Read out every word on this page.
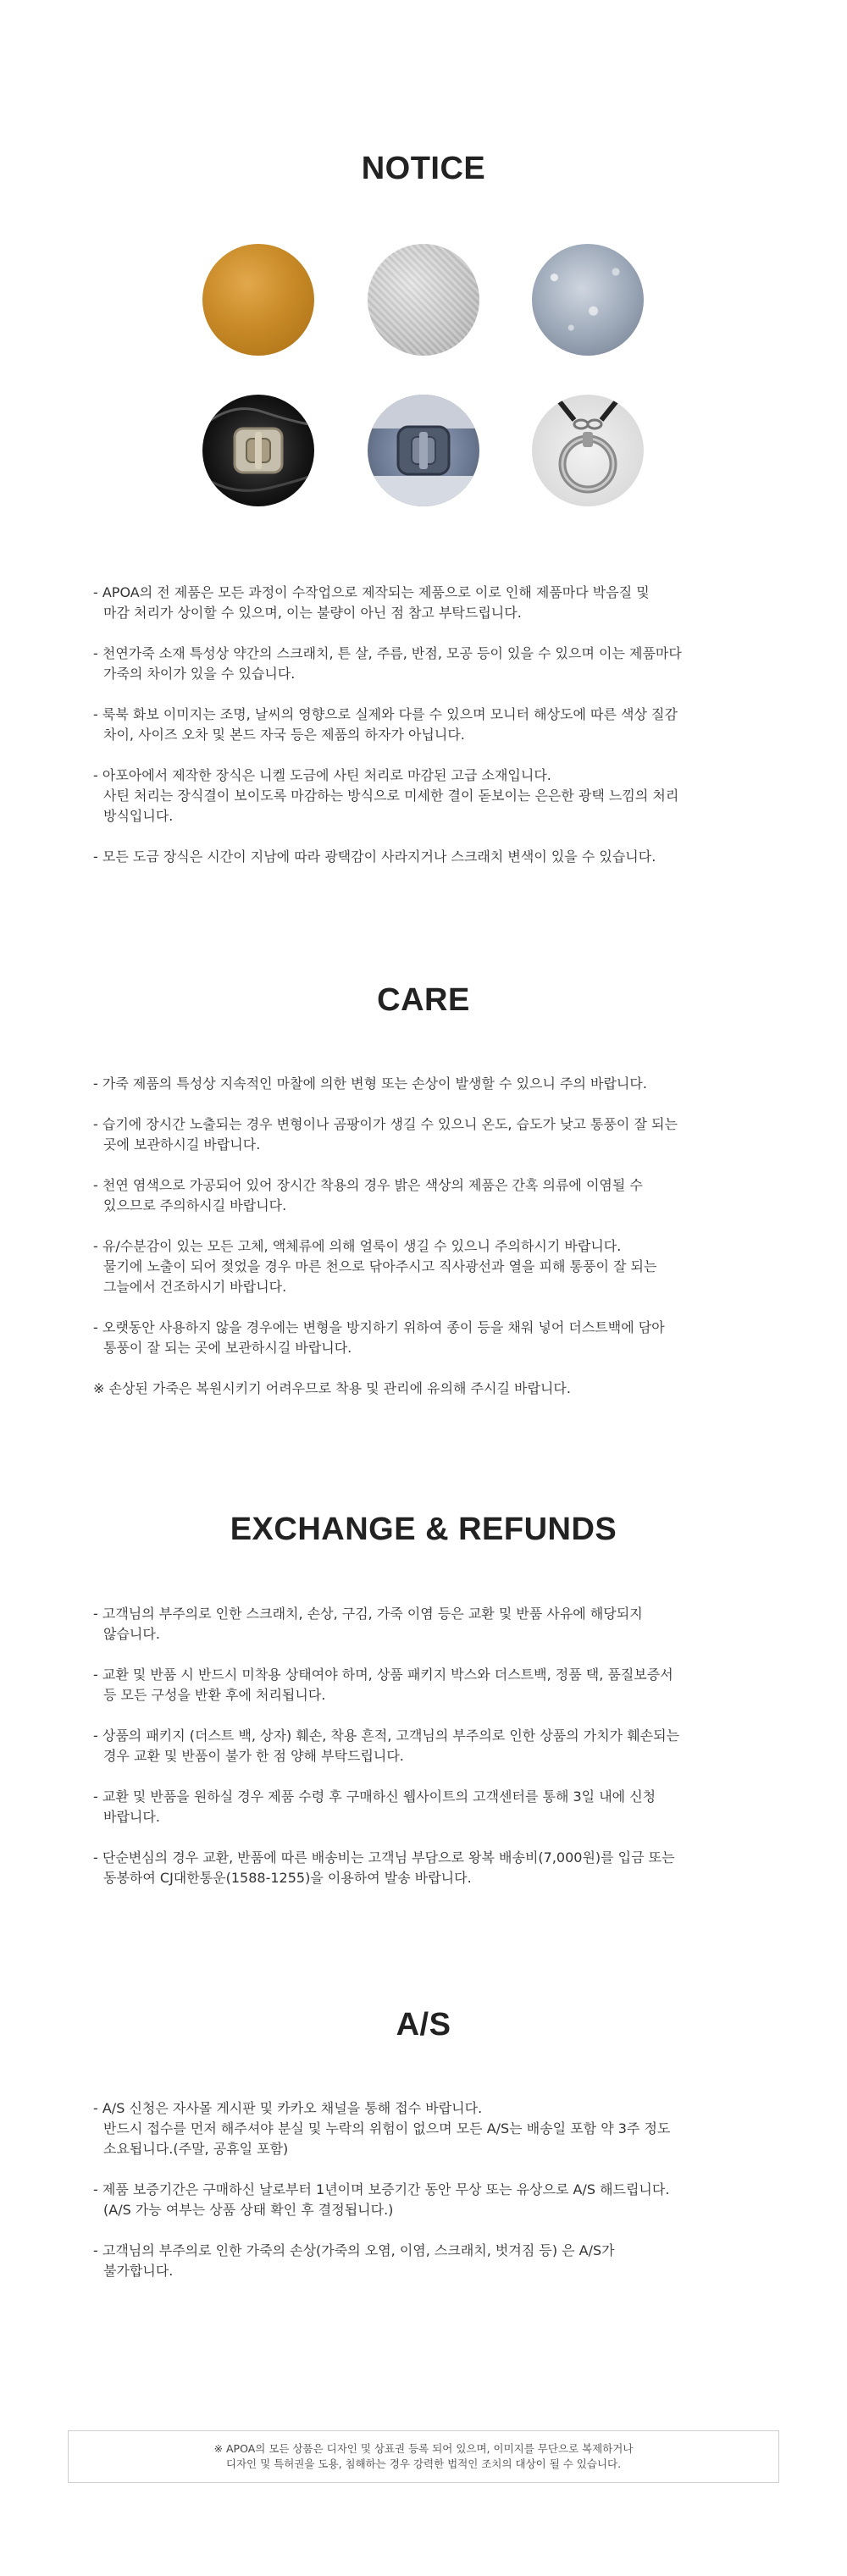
NOTICE

- APOA의 전 제품은 모든 과정이 수작업으로 제작되는 제품으로 이로 인해 제품마다 박음질 및
마감 처리가 상이할 수 있으며, 이는 불량이 아닌 점 참고 부탁드립니다.

- 천연가죽 소재 특성상 약간의 스크래치, 튼 살, 주름, 반점, 모공 등이 있을 수 있으며 이는 제품마다
가죽의 차이가 있을 수 있습니다.

- 룩북 화보 이미지는 조명, 날씨의 영향으로 실제와 다를 수 있으며 모니터 해상도에 따른 색상 질감
차이, 사이즈 오차 및 본드 자국 등은 제품의 하자가 아닙니다.

- 아포아에서 제작한 장식은 니켈 도금에 사틴 처리로 마감된 고급 소재입니다.
사틴 처리는 장식결이 보이도록 마감하는 방식으로 미세한 결이 돋보이는 은은한 광택 느낌의 처리
방식입니다.

- 모든 도금 장식은 시간이 지남에 따라 광택감이 사라지거나 스크래치 변색이 있을 수 있습니다.

CARE

- 가죽 제품의 특성상 지속적인 마찰에 의한 변형 또는 손상이 발생할 수 있으니 주의 바랍니다.

- 습기에 장시간 노출되는 경우 변형이나 곰팡이가 생길 수 있으니 온도, 습도가 낮고 통풍이 잘 되는
곳에 보관하시길 바랍니다.

- 천연 염색으로 가공되어 있어 장시간 착용의 경우 밝은 색상의 제품은 간혹 의류에 이염될 수
있으므로 주의하시길 바랍니다.

- 유/수분감이 있는 모든 고체, 액체류에 의해 얼룩이 생길 수 있으니 주의하시기 바랍니다.
물기에 노출이 되어 젖었을 경우 마른 천으로 닦아주시고 직사광선과 열을 피해 통풍이 잘 되는
그늘에서 건조하시기 바랍니다.

- 오랫동안 사용하지 않을 경우에는 변형을 방지하기 위하여 종이 등을 채워 넣어 더스트백에 담아
통풍이 잘 되는 곳에 보관하시길 바랍니다.

※ 손상된 가죽은 복원시키기 어려우므로 착용 및 관리에 유의해 주시길 바랍니다.

EXCHANGE & REFUNDS

- 고객님의 부주의로 인한 스크래치, 손상, 구김, 가죽 이염 등은 교환 및 반품 사유에 해당되지
않습니다.

- 교환 및 반품 시 반드시 미착용 상태여야 하며, 상품 패키지 박스와 더스트백, 정품 택, 품질보증서
등 모든 구성을 반환 후에 처리됩니다.

- 상품의 패키지 (더스트 백, 상자) 훼손, 착용 흔적, 고객님의 부주의로 인한 상품의 가치가 훼손되는
경우 교환 및 반품이 불가 한 점 양해 부탁드립니다.

- 교환 및 반품을 원하실 경우 제품 수령 후 구매하신 웹사이트의 고객센터를 통해 3일 내에 신청
바랍니다.

- 단순변심의 경우 교환, 반품에 따른 배송비는 고객님 부담으로 왕복 배송비(7,000원)를 입금 또는
동봉하여 CJ대한통운(1588-1255)을 이용하여 발송 바랍니다.

A/S

- A/S 신청은 자사몰 게시판 및 카카오 채널을 통해 접수 바랍니다.
반드시 접수를 먼저 해주셔야 분실 및 누락의 위험이 없으며 모든 A/S는 배송일 포함 약 3주 정도
소요됩니다.(주말, 공휴일 포함)

- 제품 보증기간은 구매하신 날로부터 1년이며 보증기간 동안 무상 또는 유상으로 A/S 해드립니다.
(A/S 가능 여부는 상품 상태 확인 후 결정됩니다.)

- 고객님의 부주의로 인한 가죽의 손상(가죽의 오염, 이염, 스크래치, 벗겨짐 등) 은 A/S가
불가합니다.

※ APOA의 모든 상품은 디자인 및 상표권 등록 되어 있으며, 이미지를 무단으로 복제하거나
디자인 및 특허권을 도용, 침해하는 경우 강력한 법적인 조치의 대상이 될 수 있습니다.
